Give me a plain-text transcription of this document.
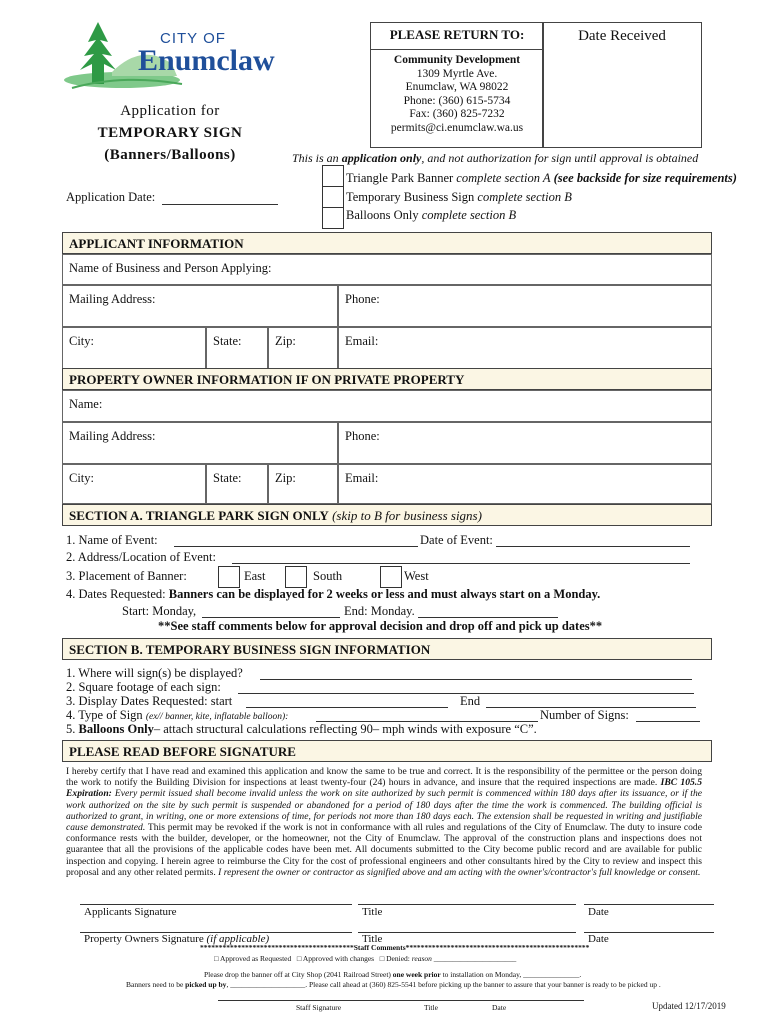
CITY OF
Enumclaw
Application for
TEMPORARY SIGN
(Banners/Balloons)
Application Date:
PLEASE RETURN TO:
Community Development
1309 Myrtle Ave.
Enumclaw, WA 98022
Phone: (360) 615-5734
Fax: (360) 825-7232
permits@ci.enumclaw.wa.us
Date Received
This is an application only, and not authorization for sign until approval is obtained
Triangle Park Banner complete section A (see backside for size requirements)
Temporary Business Sign complete section B
Balloons Only complete section B
APPLICANT INFORMATION
Name of Business and Person Applying:
Mailing Address:	Phone:
City:	State:	Zip:	Email:
PROPERTY OWNER INFORMATION IF ON PRIVATE PROPERTY
Name:
Mailing Address:	Phone:
City:	State:	Zip:	Email:
SECTION A. TRIANGLE PARK SIGN ONLY (skip to B for business signs)
1. Name of Event:	Date of Event:
2. Address/Location of Event:
3. Placement of Banner:	East	South	West
4. Dates Requested: Banners can be displayed for 2 weeks or less and must always start on a Monday.
Start: Monday,	End: Monday.
**See staff comments below for approval decision and drop off and pick up dates**
SECTION B. TEMPORARY BUSINESS SIGN INFORMATION
1. Where will sign(s) be displayed?
2. Square footage of each sign:
3. Display Dates Requested: start	End
4. Type of Sign (ex// banner, kite, inflatable balloon):	Number of Signs:
5. Balloons Only– attach structural calculations reflecting 90– mph winds with exposure “C”.
PLEASE READ BEFORE SIGNATURE
I hereby certify that I have read and examined this application and know the same to be true and correct. It is the responsibility of the permittee or the person doing the work to notify the Building Division for inspections at least twenty-four (24) hours in advance, and insure that the required inspections are made. IBC 105.5 Expiration: Every permit issued shall become invalid unless the work on site authorized by such permit is commenced within 180 days after its issuance, or if the work authorized on the site by such permit is suspended or abandoned for a period of 180 days after the time the work is commenced. The building official is authorized to grant, in writing, one or more extensions of time, for periods not more than 180 days each. The extension shall be requested in writing and justifiable cause demonstrated. This permit may be revoked if the work is not in conformance with all rules and regulations of the City of Enumclaw. The duty to insure code conformance rests with the builder, developer, or the homeowner, not the City of Enumclaw. The approval of the construction plans and inspections does not guarantee that all the provisions of the applicable codes have been met. All documents submitted to the City become public record and are available for public inspection and copying. I herein agree to reimburse the City for the cost of professional engineers and other consultants hired by the City to review and inspect this proposal and any other related permits. I represent the owner or contractor as signified above and am acting with the owner's/contractor's full knowledge or consent.
Applicants Signature	Title	Date
Property Owners Signature (if applicable)	Title	Date
*****************************************Staff Comments*************************************************
□ Approved as Requested □ Approved with changes □ Denied: reason ______________________
Please drop the banner off at City Shop (2041 Railroad Street) one week prior to installation on Monday, _______________.
Banners need to be picked up by, ____________________. Please call ahead at (360) 825-5541 before picking up the banner to assure that your banner is ready to be picked up .
Staff Signature	Title	Date	Updated 12/17/2019
